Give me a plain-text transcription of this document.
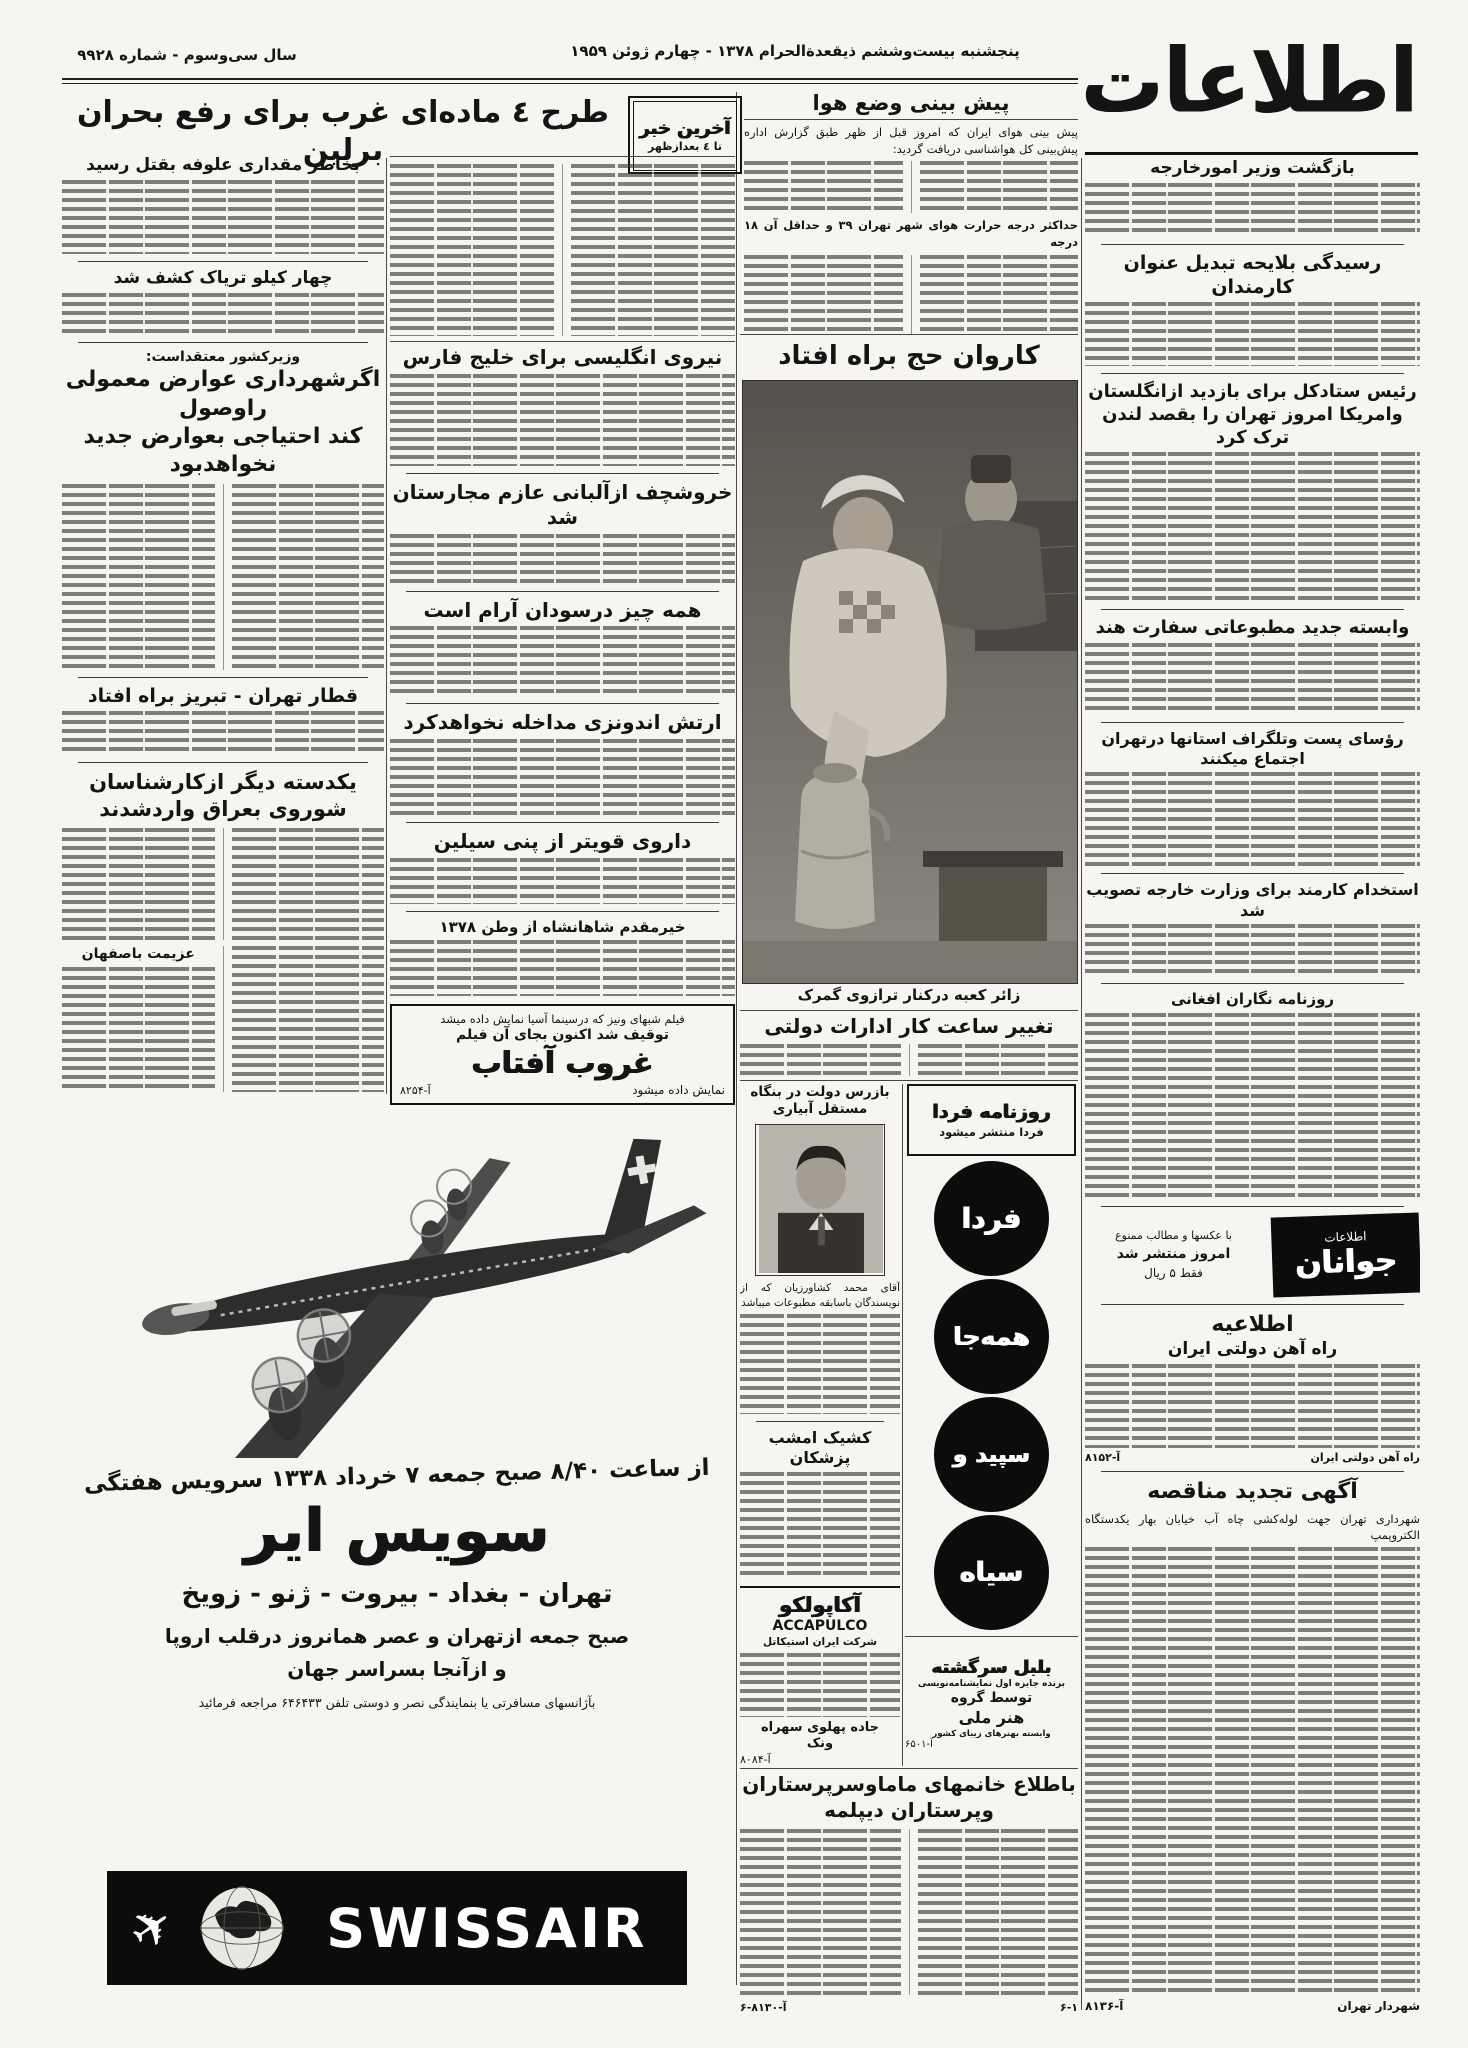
اطلاعات
پنجشنبه بیست‌وششم ذیقعدةالحرام ۱۳۷۸ - چهارم ژوئن ۱۹۵۹
سال سی‌وسوم - شماره ۹۹۲۸
طرح ٤ ماده‌ای غرب برای رفع بحران برلین
آخرین خبر
تا ٤ بعدازظهر
پیش بینی وضع هوا
پیش بینی هوای ایران که امروز قبل از ظهر طبق گزارش اداره پیش‌بینی کل هواشناسی دریافت گردید:
حداکثر درجه حرارت هوای شهر تهران ۳۹ و حداقل آن ۱۸ درجه
کاروان حج براه افتاد
زائر کعبه درکنار ترازوی گمرک
تغییر ساعت کار ادارات دولتی
بازرس دولت در بنگاه
مستقل آبیاری
آقای محمد کشاورزیان که از نویسندگان باسابقه مطبوعات میباشد
کشیک امشب پزشکان
آکاپولکو
ACCAPULCO
شرکت ایران استیکاتل
جاده پهلوی سهراه
ونک
آ-۸۰۸۴
روزنامه فردا
فردا منتشر میشود
فردا
همه‌جا
سپید و
سیاه
بلبل سرگشته
برنده جایزه اول نمایشنامه‌نویسی
توسط گروه
هنر ملی
وابسته بهنرهای زیبای کشور
آ-۶۵۰۱
باطلاع خانمهای ماماوسرپرستاران
وپرستاران دیپلمه
۶-۱
آ-۸۱۳۰-۶
بخاطر مقداری علوفه بقتل رسید
چهار کیلو تریاک کشف شد
وزیرکشور معتقداست:
اگرشهرداری عوارض معمولی راوصول
کند احتیاجی بعوارض جدید نخواهدبود
قطار تهران - تبریز براه افتاد
یکدسته دیگر ازکارشناسان
شوروی بعراق واردشدند
عزیمت باصفهان
نیروی انگلیسی برای خلیج فارس
خروشچف ازآلبانی عازم مجارستان شد
همه چیز درسودان آرام است
ارتش اندونزی مداخله نخواهدکرد
داروی قویتر از پنی سیلین
خیرمقدم شاهانشاه از وطن ۱۳۷۸
فیلم شبهای ونیز که درسینما آسیا نمایش داده میشد
توقیف شد اکنون بجای آن فیلم
غروب آفتاب
نمایش داده میشود
آ-۸۲۵۴
از ساعت ۸/۴۰ صبح جمعه ۷ خرداد ۱۳۳۸ سرویس هفتگی
سویس ایر
تهران - بغداد - بیروت - ژنو - زویخ
صبح جمعه ازتهران و عصر همانروز درقلب اروپا
و ازآنجا بسراسر جهان
بآژانسهای مسافرتی یا بنمایندگی نصر و دوستی تلفن ۶۴۶۴۳۳ مراجعه فرمائید
✈	SWISSAIR
بازگشت وزیر امورخارجه
رسیدگی بلایحه تبدیل عنوان کارمندان
رئیس ستادکل برای بازدید ازانگلستان وامریکا امروز تهران را بقصد لندن ترک کرد
وابسته جدید مطبوعاتی سفارت هند
رؤسای پست وتلگراف استانها درتهران اجتماع میکنند
استخدام کارمند برای وزارت خارجه تصویب شد
روزنامه نگاران افغانی
اطلاعات
جوانان
با عکسها و مطالب ممنوع
امروز منتشر شد
فقط ۵ ریال
اطلاعیه
راه آهن دولتی ایران
راه آهن دولتی ایران
آ-۸۱۵۲
آگهی تجدید مناقصه
شهرداری تهران جهت لوله‌کشی چاه آب خیابان بهار یکدستگاه الکتروپمپ
شهردار تهران
آ-۸۱۳۶
